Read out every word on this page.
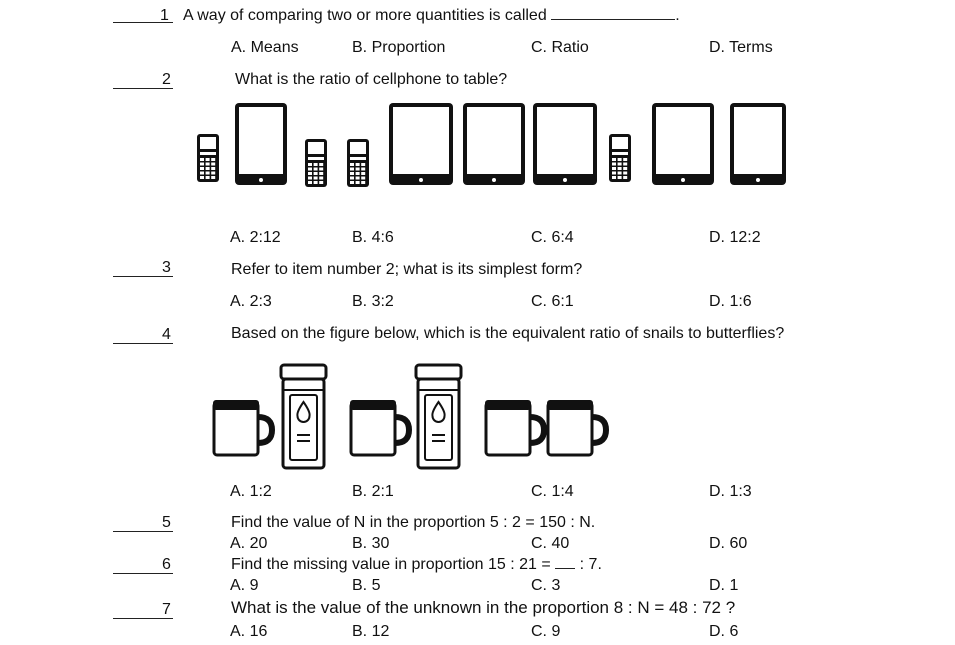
1
2
3
4
5
6
7
A way of comparing two or more quantities is called	.
A. Means	B. Proportion	C. Ratio	D. Terms
What is the ratio of cellphone to table?
A. 2:12	B. 4:6	C. 6:4	D. 12:2
Refer to item number 2; what is its simplest form?
A. 2:3	B. 3:2	C. 6:1	D. 1:6
Based on the figure below, which is the equivalent ratio of snails to butterflies?
A. 1:2	B. 2:1	C. 1:4	D. 1:3
Find the value of N in the proportion 5 : 2 = 150 : N.
A. 20	B. 30	C. 40	D. 60
Find the missing value in proportion 15 : 21 = : 7.
A. 9	B. 5	C. 3	D. 1
What is the value of the unknown in the proportion 8 : N = 48 : 72 ?
A. 16	B. 12	C. 9	D. 6
